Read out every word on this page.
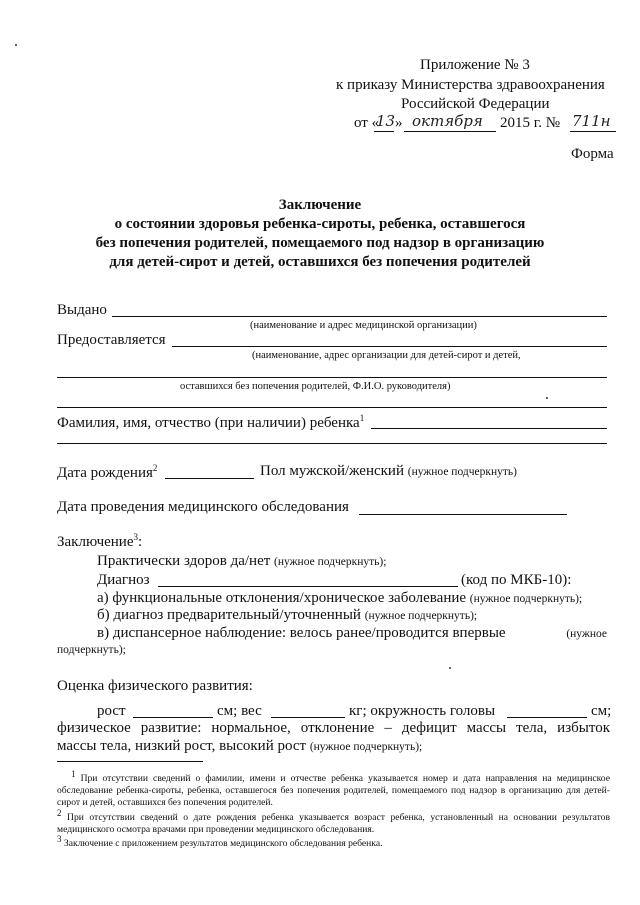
Приложение № 3
к приказу Министерства здравоохранения
Российской Федерации
от «
13 » октября 2015 г. № 711н
Форма
Заключение
о состоянии здоровья ребенка-сироты, ребенка, оставшегося
без попечения родителей, помещаемого под надзор в организацию
для детей-сирот и детей, оставшихся без попечения родителей
Выдано
(наименование и адрес медицинской организации)
Предоставляется
(наименование, адрес организации для детей-сирот и детей,
оставшихся без попечения родителей, Ф.И.О. руководителя)
Фамилия, имя, отчество (при наличии) ребенка$^1$
Дата рождения$^2$	Пол мужской/женский (нужное подчеркнуть)
Дата проведения медицинского обследования
Заключение$^3$:
Практически здоров да/нет (нужное подчеркнуть);
Диагноз	(код по МКБ-10):
а) функциональные отклонения/хроническое заболевание (нужное подчеркнуть);
б) диагноз предварительный/уточненный (нужное подчеркнуть);
в) диспансерное наблюдение: велось ранее/проводится впервые	(нужное
подчеркнуть);
Оценка физического развития:
рост	см; вес	кг; окружность головы	см;
физическое развитие: нормальное, отклонение – дефицит массы тела, избыток
массы тела, низкий рост, высокий рост (нужное подчеркнуть);
$^1$ При отсутствии сведений о фамилии, имени и отчестве ребенка указывается номер и дата направления на медицинское обследование ребенка-сироты, ребенка, оставшегося без попечения родителей, помещаемого под надзор в организацию для детей-сирот и детей, оставшихся без попечения родителей.
$^2$ При отсутствии сведений о дате рождения ребенка указывается возраст ребенка, установленный на основании результатов медицинского осмотра врачами при проведении медицинского обследования.
$^3$ Заключение с приложением результатов медицинского обследования ребенка.
